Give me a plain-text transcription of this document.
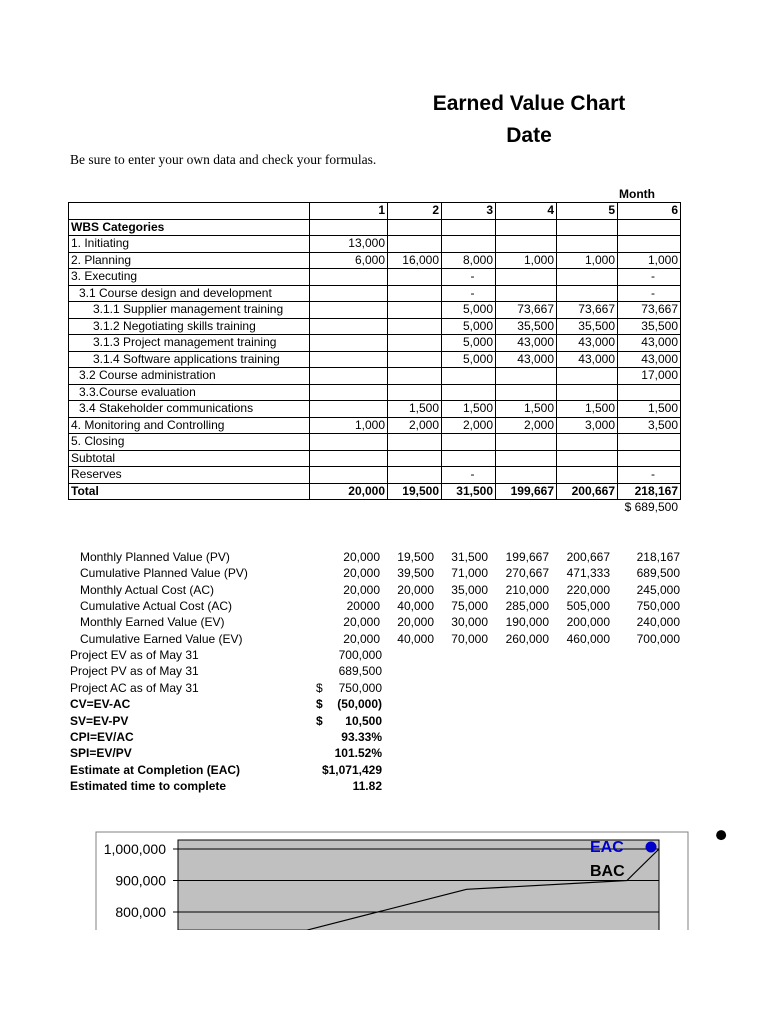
Earned Value Chart
Date
Be sure to enter your own data and check your formulas.
Month
	1	2	3	4	5	6
WBS Categories						
1. Initiating	13,000					
2. Planning	6,000	16,000	8,000	1,000	1,000	1,000
3. Executing			-			-
3.1 Course design and development			-			-
3.1.1 Supplier management training			5,000	73,667	73,667	73,667
3.1.2 Negotiating skills training			5,000	35,500	35,500	35,500
3.1.3 Project management training			5,000	43,000	43,000	43,000
3.1.4 Software applications training			5,000	43,000	43,000	43,000
3.2 Course administration						17,000
3.3.Course evaluation						
3.4 Stakeholder communications		1,500	1,500	1,500	1,500	1,500
4. Monitoring and Controlling	1,000	2,000	2,000	2,000	3,000	3,500
5. Closing						
Subtotal						
Reserves			-			-
Total	20,000	19,500	31,500	199,667	200,667	218,167
$ 689,500
Monthly Planned Value (PV)	20,000	19,500	31,500	199,667	200,667	218,167
Cumulative Planned Value (PV)	20,000	39,500	71,000	270,667	471,333	689,500
Monthly Actual Cost (AC)	20,000	20,000	35,000	210,000	220,000	245,000
Cumulative Actual Cost (AC)	20000	40,000	75,000	285,000	505,000	750,000
Monthly Earned Value (EV)	20,000	20,000	30,000	190,000	200,000	240,000
Cumulative Earned Value (EV)	20,000	40,000	70,000	260,000	460,000	700,000
Project EV as of May 31	700,000
Project PV as of May 31	689,500
Project AC as of May 31	$	750,000
CV=EV-AC	$	(50,000)
SV=EV-PV	$	10,500
CPI=EV/AC	93.33%
SPI=EV/PV	101.52%
Estimate at Completion (EAC)	$1,071,429
Estimated time to complete	11.82
1,000,000
900,000
800,000
EAC
BAC
